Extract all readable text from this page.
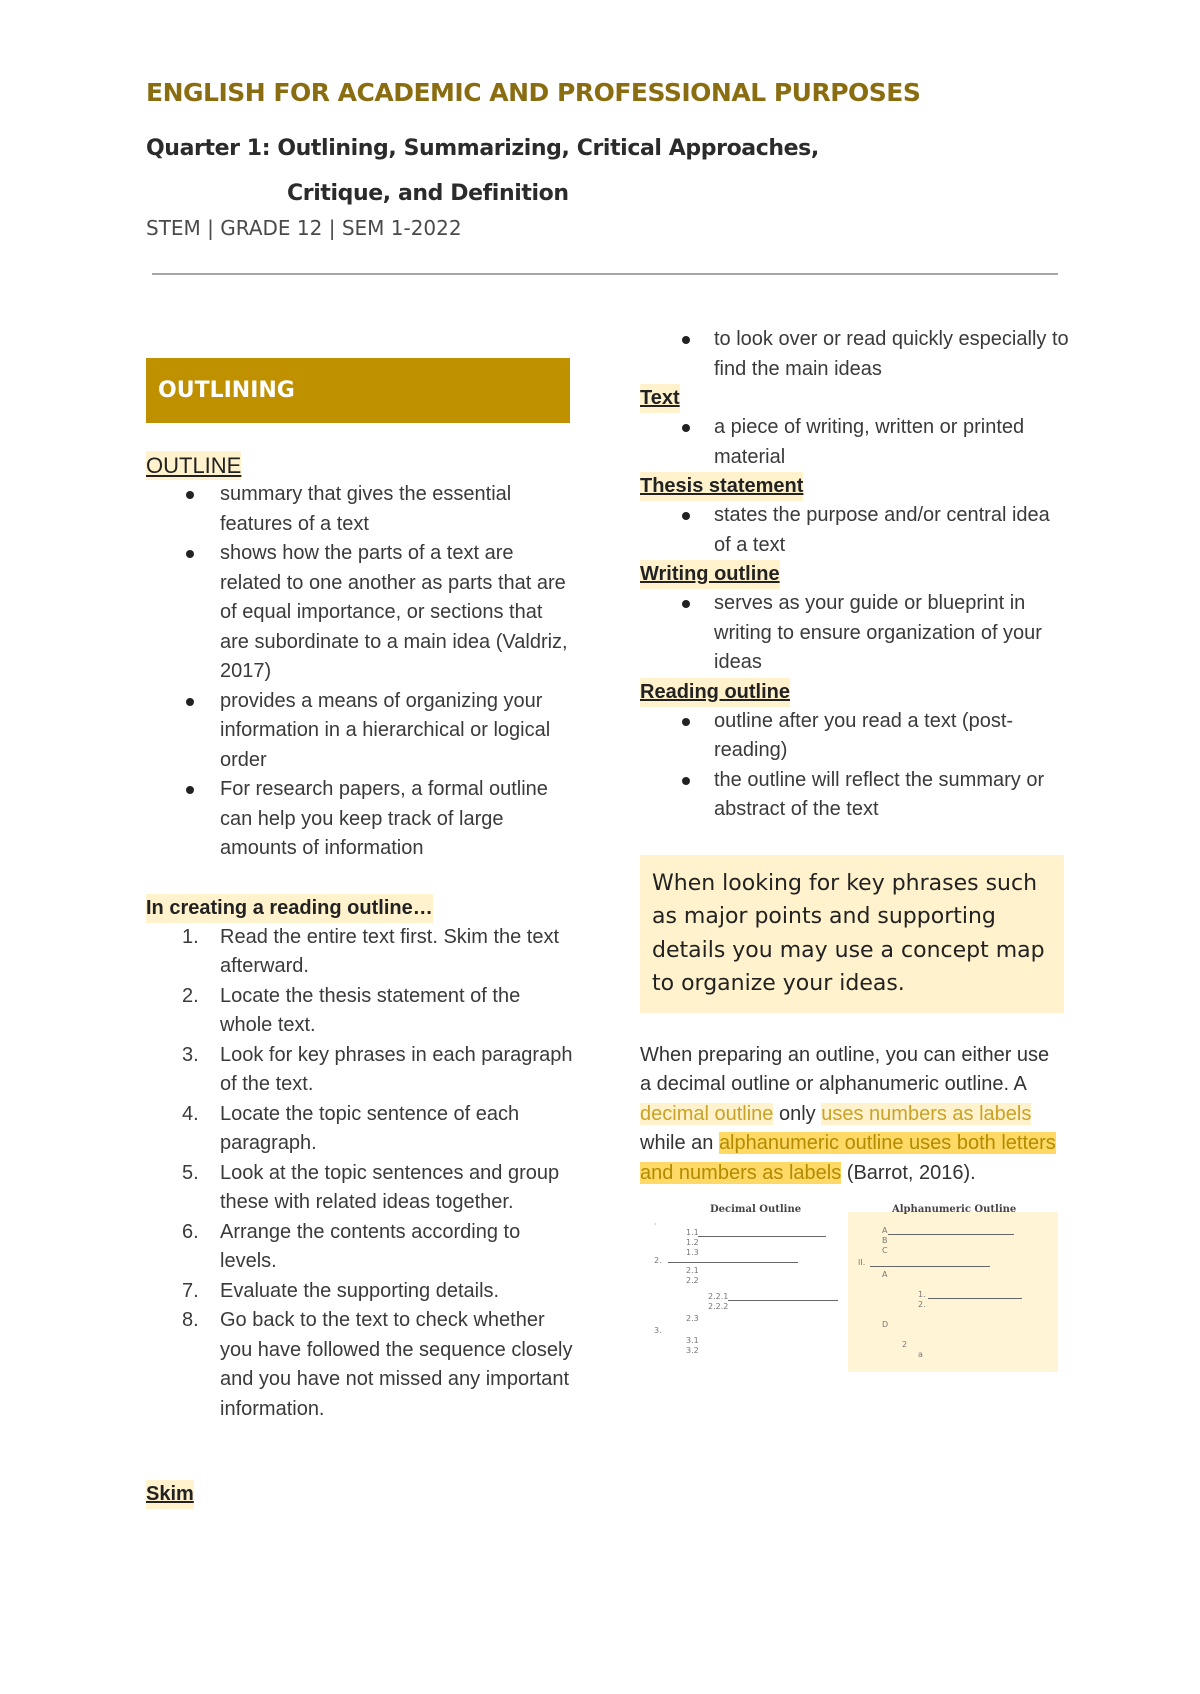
ENGLISH FOR ACADEMIC AND PROFESSIONAL PURPOSES

Quarter 1: Outlining, Summarizing, Critical Approaches,
Critique, and Definition

STEM | GRADE 12 | SEM 1-2022

OUTLINING
OUTLINE
summary that gives the essential features of a text
shows how the parts of a text are related to one another as parts that are of equal importance, or sections that are subordinate to a main idea (Valdriz, 2017)
provides a means of organizing your information in a hierarchical or logical order
For research papers, a formal outline can help you keep track of large amounts of information
In creating a reading outline…
1. Read the entire text first. Skim the text afterward.
2. Locate the thesis statement of the whole text.
3. Look for key phrases in each paragraph of the text.
4. Locate the topic sentence of each paragraph.
5. Look at the topic sentences and group these with related ideas together.
6. Arrange the contents according to levels.
7. Evaluate the supporting details.
8. Go back to the text to check whether you have followed the sequence closely and you have not missed any important information.
Skim
to look over or read quickly especially to find the main ideas
Text
a piece of writing, written or printed material
Thesis statement
states the purpose and/or central idea of a text
Writing outline
serves as your guide or blueprint in writing to ensure organization of your ideas
Reading outline
outline after you read a text (post-reading)
the outline will reflect the summary or abstract of the text
When looking for key phrases such as major points and supporting details you may use a concept map to organize your ideas.

When preparing an outline, you can either use a decimal outline or alphanumeric outline. A decimal outline only uses numbers as labels while an alphanumeric outline uses both letters and numbers as labels (Barrot, 2016).

Decimal Outline
·
1.1
1.2
1.3
2.
2.1
2.2
2.2.1
2.2.2
2.3
3.
3.1
3.2
Alphanumeric Outline
A
B
C
II.
A
1.
2.
D
2
a
